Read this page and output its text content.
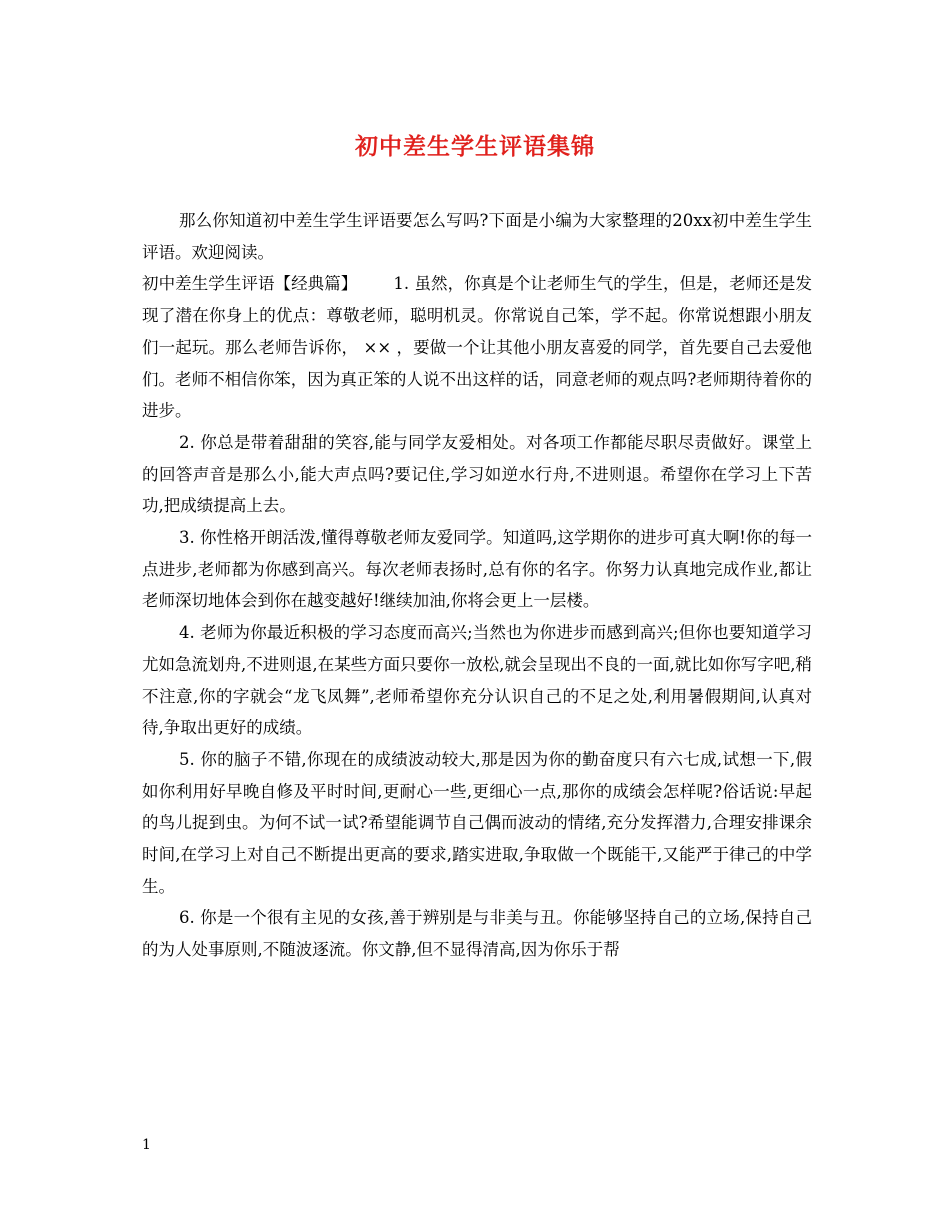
初中差生学生评语集锦

那么你知道初中差生学生评语要怎么写吗?下面是小编为大家整理的20xx初中差生学生评语。欢迎阅读。

初中差生学生评语【经典篇】 1. 虽然，你真是个让老师生气的学生，但是，老师还是发现了潜在你身上的优点：尊敬老师，聪明机灵。你常说自己笨，学不起。你常说想跟小朋友们一起玩。那么老师告诉你， ×× ，要做一个让其他小朋友喜爱的同学，首先要自己去爱他们。老师不相信你笨，因为真正笨的人说不出这样的话，同意老师的观点吗?老师期待着你的进步。

2. 你总是带着甜甜的笑容,能与同学友爱相处。对各项工作都能尽职尽责做好。课堂上的回答声音是那么小,能大声点吗?要记住,学习如逆水行舟,不进则退。希望你在学习上下苦功,把成绩提高上去。

3. 你性格开朗活泼,懂得尊敬老师友爱同学。知道吗,这学期你的进步可真大啊!你的每一点进步,老师都为你感到高兴。每次老师表扬时,总有你的名字。你努力认真地完成作业,都让老师深切地体会到你在越变越好!继续加油,你将会更上一层楼。

4. 老师为你最近积极的学习态度而高兴;当然也为你进步而感到高兴;但你也要知道学习尤如急流划舟,不进则退,在某些方面只要你一放松,就会呈现出不良的一面,就比如你写字吧,稍不注意,你的字就会“龙飞凤舞”,老师希望你充分认识自己的不足之处,利用暑假期间,认真对待,争取出更好的成绩。

5. 你的脑子不错,你现在的成绩波动较大,那是因为你的勤奋度只有六七成,试想一下,假如你利用好早晚自修及平时时间,更耐心一些,更细心一点,那你的成绩会怎样呢?俗话说:早起的鸟儿捉到虫。为何不试一试?希望能调节自己偶而波动的情绪,充分发挥潜力,合理安排课余时间,在学习上对自己不断提出更高的要求,踏实进取,争取做一个既能干,又能严于律己的中学生。

6. 你是一个很有主见的女孩,善于辨别是与非美与丑。你能够坚持自己的立场,保持自己的为人处事原则,不随波逐流。你文静,但不显得清高,因为你乐于帮

1
